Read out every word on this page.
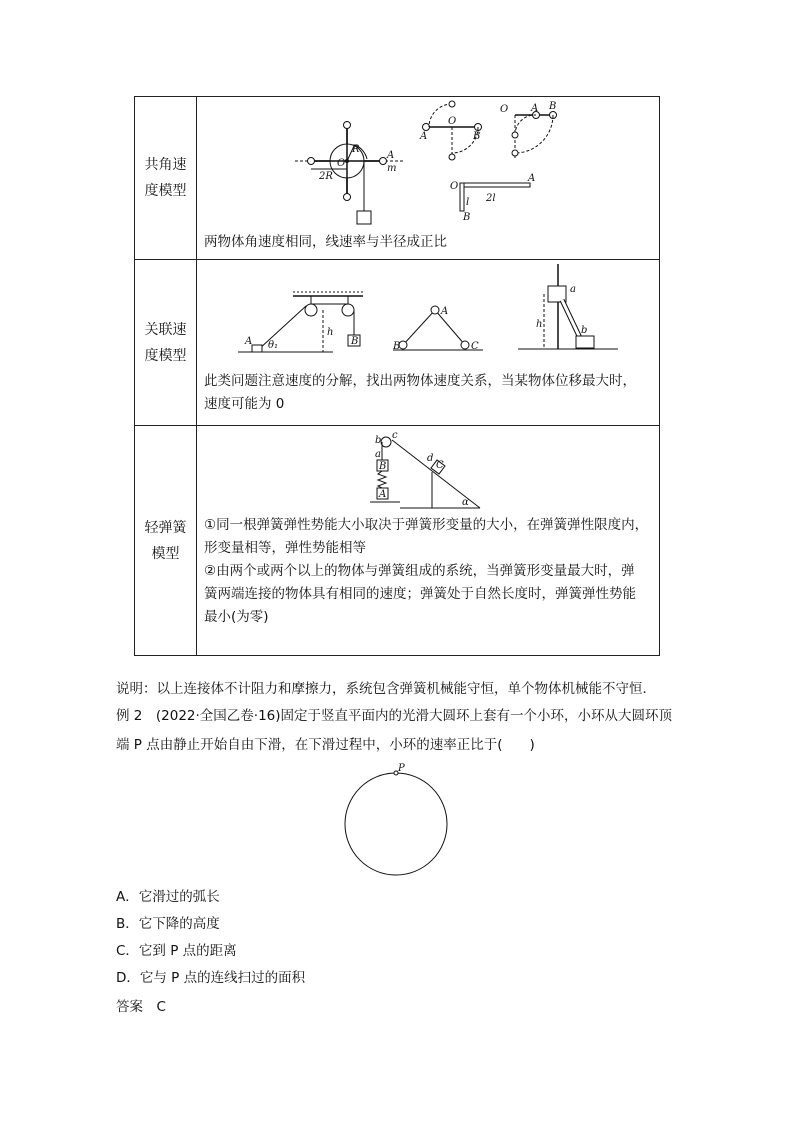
共角速
度模型
R
O
A
m
2R
A
O
B
O A B
O
A
l 2l
B
两物体角速度相同，线速率与半径成正比
关联速
度模型
A θ₁
h
B
A
B	C
a
h
b
此类问题注意速度的分解，找出两物体速度关系，当某物体位移最大时，
速度可能为 0
轻弹簧
模型
b c
a
B
A
d
C
α
①同一根弹簧弹性势能大小取决于弹簧形变量的大小，在弹簧弹性限度内，
形变量相等，弹性势能相等
②由两个或两个以上的物体与弹簧组成的系统，当弹簧形变量最大时，弹
簧两端连接的物体具有相同的速度；弹簧处于自然长度时，弹簧弹性势能
最小(为零)
说明：以上连接体不计阻力和摩擦力，系统包含弹簧机械能守恒，单个物体机械能不守恒．
例 2　(2022·全国乙卷·16)固定于竖直平面内的光滑大圆环上套有一个小环，小环从大圆环顶
端 P 点由静止开始自由下滑，在下滑过程中，小环的速率正比于(　　)
P
A．它滑过的弧长
B．它下降的高度
C．它到 P 点的距离
D．它与 P 点的连线扫过的面积
答案　C
